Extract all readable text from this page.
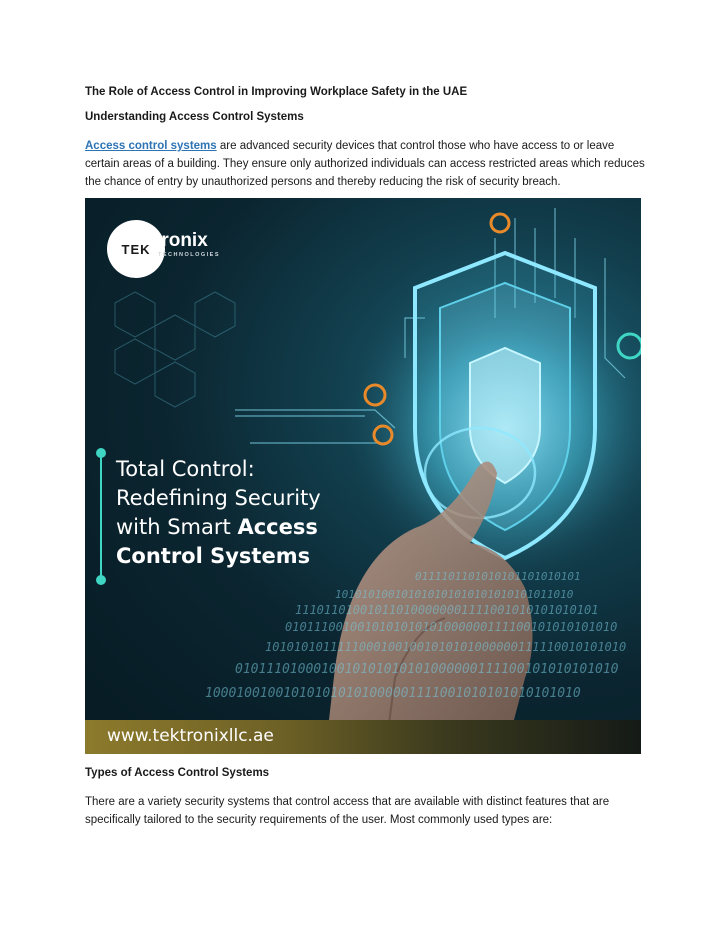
The Role of Access Control in Improving Workplace Safety in the UAE
Understanding Access Control Systems

Access control systems are advanced security devices that control those who have access to or leave certain areas of a building. They ensure only authorized individuals can access restricted areas which reduces the chance of entry by unauthorized persons and thereby reducing the risk of security breach.

0111101101010101101010101
101010100101010101010101010101011010
111011010010110100000001111001010101010101
0101110010010101010101000000111100101010101010
10101010111110001001001010101000000111110010101010
0101110100010010101010101000000111100101010101010
100010010010101010101000001111001010101010101010
TEK tronix
TECHNOLOGIES
Total Control:
Redefining Security
with Smart Access
Control Systems
www.tektronixllc.ae
Types of Access Control Systems

There are a variety security systems that control access that are available with distinct features that are specifically tailored to the security requirements of the user. Most commonly used types are:
